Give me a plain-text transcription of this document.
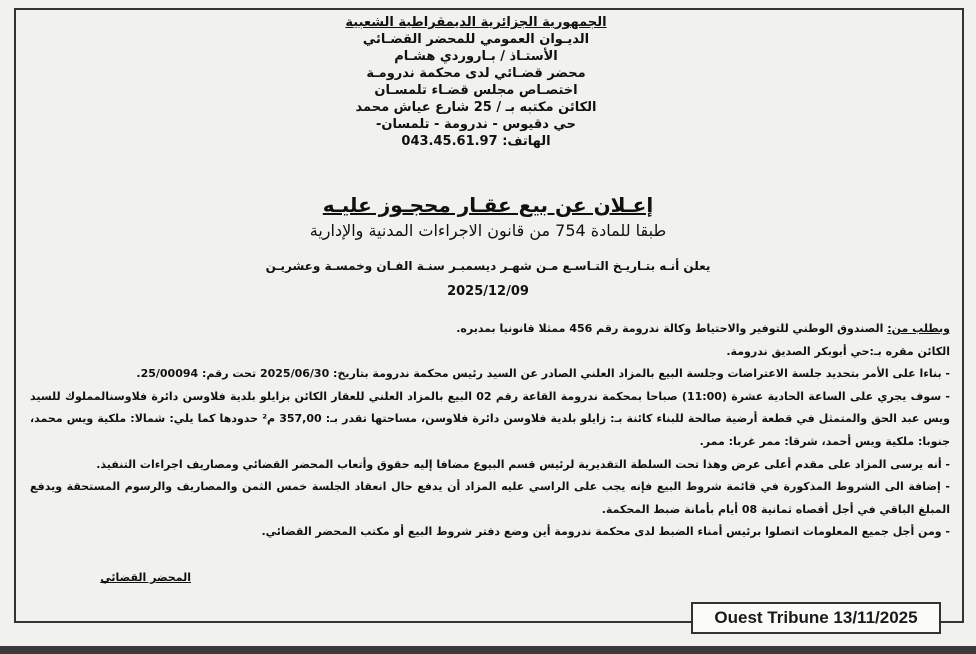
الجمهورية الجزائرية الديمقراطية الشعبية
الديـوان العمومي للمحضر القضـائي
الأستـاذ / بـاروردي هشـام
محضر قضـائي لدى محكمة ندرومـة
اختصـاص مجلس قضـاء تلمسـان
الكائن مكتبه بـ / 25 شارع عياش محمد
حي دقيوس - ندرومة - تلمسان-
الهاتف: 043.45.61.97
إعـلان عن بيع عقـار محجـوز عليـه
طبقا للمادة 754 من قانون الاجراءات المدنية والإدارية
يعلن أنـه بتـاريـخ التـاسـع مـن شهـر ديسمبـر سنـة الفـان وخمسـة وعشريـن
2025/12/09

وبطلب من: الصندوق الوطني للتوفير والاحتياط وكالة ندرومة رقم 456 ممثلا قانونيا بمديره.

الكائن مقره بـ:حي أبوبكر الصديق ندرومة.

- بناءا على الأمر بتحديد جلسة الاعتراضات وجلسة البيع بالمزاد العلني الصادر عن السيد رئيس محكمة ندرومة بتاريخ: 2025/06/30 تحت رقم: 25/00094.

- سوف يجري على الساعة الحادية عشرة (11:00) صباحا بمحكمة ندرومة القاعة رقم 02 البيع بالمزاد العلني للعقار الكائن بزايلو بلدية فلاوسن دائرة فلاوسنالمملوك للسيد ويس عبد الحق والمتمثل في قطعة أرضية صالحة للبناء كائنة بـ: زايلو بلدية فلاوسن دائرة فلاوسن، مساحتها تقدر بـ: 357,00 م² حدودها كما يلي: شمالا: ملكية ويس محمد، جنوبا: ملكية ويس أحمد، شرقا: ممر غربا: ممر.

- أنه يرسى المزاد على مقدم أعلى عرض وهذا تحت السلطة التقديرية لرئيس قسم البيوع مضافا إليه حقوق وأتعاب المحضر القضائي ومصاريف اجراءات التنفيذ.

- إضافة الى الشروط المذكورة في قائمة شروط البيع فإنه يجب على الراسي عليه المزاد أن يدفع حال انعقاد الجلسة خمس الثمن والمصاريف والرسوم المستحقة ويدفع المبلغ الباقي في أجل أقصاه ثمانية 08 أيام بأمانة ضبط المحكمة.

- ومن أجل جميع المعلومات اتصلوا برئيس أمناء الضبط لدى محكمة ندرومة أين وضع دفتر شروط البيع أو مكتب المحضر القضائي.

المحضر القضائي
Ouest Tribune 13/11/2025
